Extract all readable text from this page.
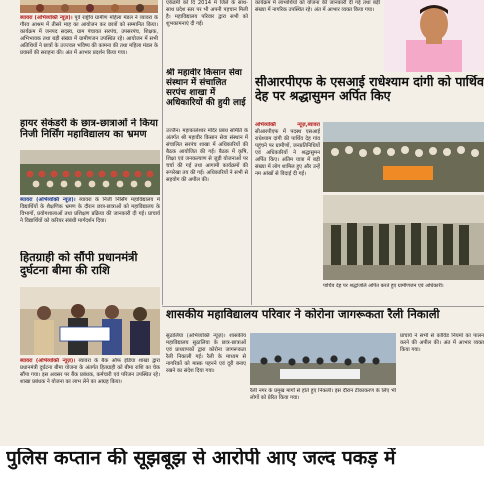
ब्यावरा (अभिव्यक्ति न्यूज़)। पूर्व राष्ट्रीय ग्रामीण महिला मंडल ने व्यावरा के गौरव आश्रम में तीसरे माह का आयोजन कर छात्रों को सम्मानित किया। कार्यक्रम में जनपद सदस्य, ग्राम पंचायत सरपंच, उपसरपंच, शिक्षक, अभिभावक तथा बड़ी संख्या में ग्रामीणजन उपस्थित रहे। आयोजन में सभी अतिथियों ने छात्रों के उज्ज्वल भविष्य की कामना की तथा महिला मंडल के प्रयासों की सराहना की। अंत में आभार प्रदर्शन किया गया।
हायर सेकंडरी के छात्र-छात्राओं ने किया निजी निर्सिंग महाविद्यालय का भ्रमण
ब्यावरा (अभिव्यक्ति न्यूज़)। ब्यावरा के निजी निर्सिंग महाविद्यालय में विद्यार्थियों के शैक्षणिक भ्रमण के दौरान छात्र-छात्राओं को महाविद्यालय के विभागों, प्रयोगशालाओं तथा प्रशिक्षण प्रक्रिया की जानकारी दी गई। प्राचार्य ने विद्यार्थियों को करियर संबंधी मार्गदर्शन दिया।
हितग्राही को सौंपी प्रधानमंत्री दुर्घटना बीमा की राशि
ब्यावरा (अभिव्यक्ति न्यूज़)। ब्यावरा के बैंक ऑफ इंडिया शाखा द्वारा प्रधानमंत्री दुर्घटना बीमा योजना के अंतर्गत हितग्राही को बीमा राशि का चेक सौंपा गया। इस अवसर पर बैंक प्रबंधक, कर्मचारी एवं परिजन उपस्थित रहे। शाखा प्रबंधक ने योजना का लाभ लेने का आग्रह किया।
एकेडमी को दि 2014 में जिले के साथ-साथ प्रदेश स्तर पर भी अपनी पहचान मिली है। महाविद्यालय परिवार द्वारा सभी को शुभकामनाएं दी गईं।
श्री महावीर किसान सेवा संस्थान में संचालित सरपंच शाखा में अधिकारियों की हुयी लाई
उज्जैन। महाकालेश्वर मंदिर प्रबंध समिति के अंतर्गत श्री महावीर किसान सेवा संस्थान में संचालित सरपंच शाखा में अधिकारियों की बैठक आयोजित की गई। बैठक में कृषि, शिक्षा एवं जनकल्याण से जुड़ी योजनाओं पर चर्चा की गई तथा आगामी कार्यक्रमों की रूपरेखा तय की गई। अधिकारियों ने सभी से सहयोग की अपील की।
कार्यक्रम में लाभार्थियों को योजना की जानकारी दी गई तथा बड़ी संख्या में नागरिक उपस्थित रहे। अंत में आभार व्यक्त किया गया।
सीआरपीएफ के एसआई राधेश्याम दांगी को पार्थिव देह पर श्रद्धासुमन अर्पित किए
अभिव्यक्ति न्यूज़,ब्यावरा सीआरपीएफ में पदस्थ एसआई राधेश्याम दांगी की पार्थिव देह गांव पहुंचने पर ग्रामीणों, जनप्रतिनिधियों एवं अधिकारियों ने श्रद्धासुमन अर्पित किए। अंतिम यात्रा में बड़ी संख्या में लोग शामिल हुए और उन्हें नम आंखों से विदाई दी गई।
पार्थिव देह पर श्रद्धांजलि अर्पित करते हुए ग्रामीणजन एवं अधिकारी।
शासकीय महाविद्यालय परिवार ने कोरोना जागरूकता रैली निकाली
सुठालिया (अभिव्यक्ति न्यूज़)। शासकीय महाविद्यालय सुठालिया के छात्र-छात्राओं एवं प्राध्यापकों द्वारा कोरोना जागरूकता रैली निकाली गई। रैली के माध्यम से नागरिकों को मास्क पहनने एवं दूरी बनाए रखने का संदेश दिया गया।
रैली नगर के प्रमुख मार्गों से होते हुए निकली। इस दौरान टीकाकरण के लिए भी लोगों को प्रेरित किया गया।
प्राचार्य ने सभी से कोविड नियमों का पालन करने की अपील की। अंत में आभार व्यक्त किया गया।
पुलिस कप्तान की सूझबूझ से आरोपी आए जल्द पकड़ में
